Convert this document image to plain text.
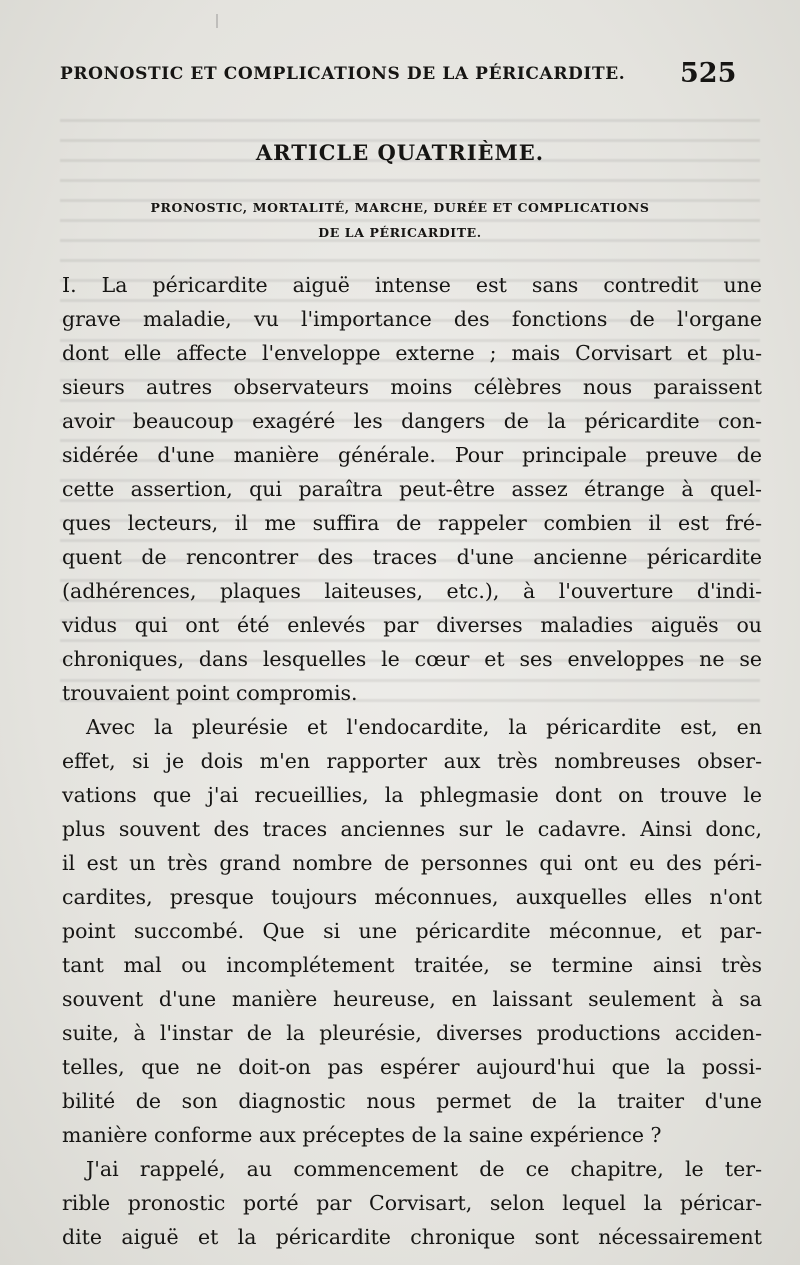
PRONOSTIC ET COMPLICATIONS DE LA PÉRICARDITE.	525
ARTICLE QUATRIÈME.
PRONOSTIC, MORTALITÉ, MARCHE, DURÉE ET COMPLICATIONS
DE LA PÉRICARDITE.
I. La péricardite aiguë intense est sans contredit une
grave maladie, vu l'importance des fonctions de l'organe
dont elle affecte l'enveloppe externe ; mais Corvisart et plu-
sieurs autres observateurs moins célèbres nous paraissent
avoir beaucoup exagéré les dangers de la péricardite con-
sidérée d'une manière générale. Pour principale preuve de
cette assertion, qui paraîtra peut-être assez étrange à quel-
ques lecteurs, il me suffira de rappeler combien il est fré-
quent de rencontrer des traces d'une ancienne péricardite
(adhérences, plaques laiteuses, etc.), à l'ouverture d'indi-
vidus qui ont été enlevés par diverses maladies aiguës ou
chroniques, dans lesquelles le cœur et ses enveloppes ne se
trouvaient point compromis.
Avec la pleurésie et l'endocardite, la péricardite est, en
effet, si je dois m'en rapporter aux très nombreuses obser-
vations que j'ai recueillies, la phlegmasie dont on trouve le
plus souvent des traces anciennes sur le cadavre. Ainsi donc,
il est un très grand nombre de personnes qui ont eu des péri-
cardites, presque toujours méconnues, auxquelles elles n'ont
point succombé. Que si une péricardite méconnue, et par-
tant mal ou incomplétement traitée, se termine ainsi très
souvent d'une manière heureuse, en laissant seulement à sa
suite, à l'instar de la pleurésie, diverses productions acciden-
telles, que ne doit-on pas espérer aujourd'hui que la possi-
bilité de son diagnostic nous permet de la traiter d'une
manière conforme aux préceptes de la saine expérience ?
J'ai rappelé, au commencement de ce chapitre, le ter-
rible pronostic porté par Corvisart, selon lequel la péricar-
dite aiguë et la péricardite chronique sont nécessairement
